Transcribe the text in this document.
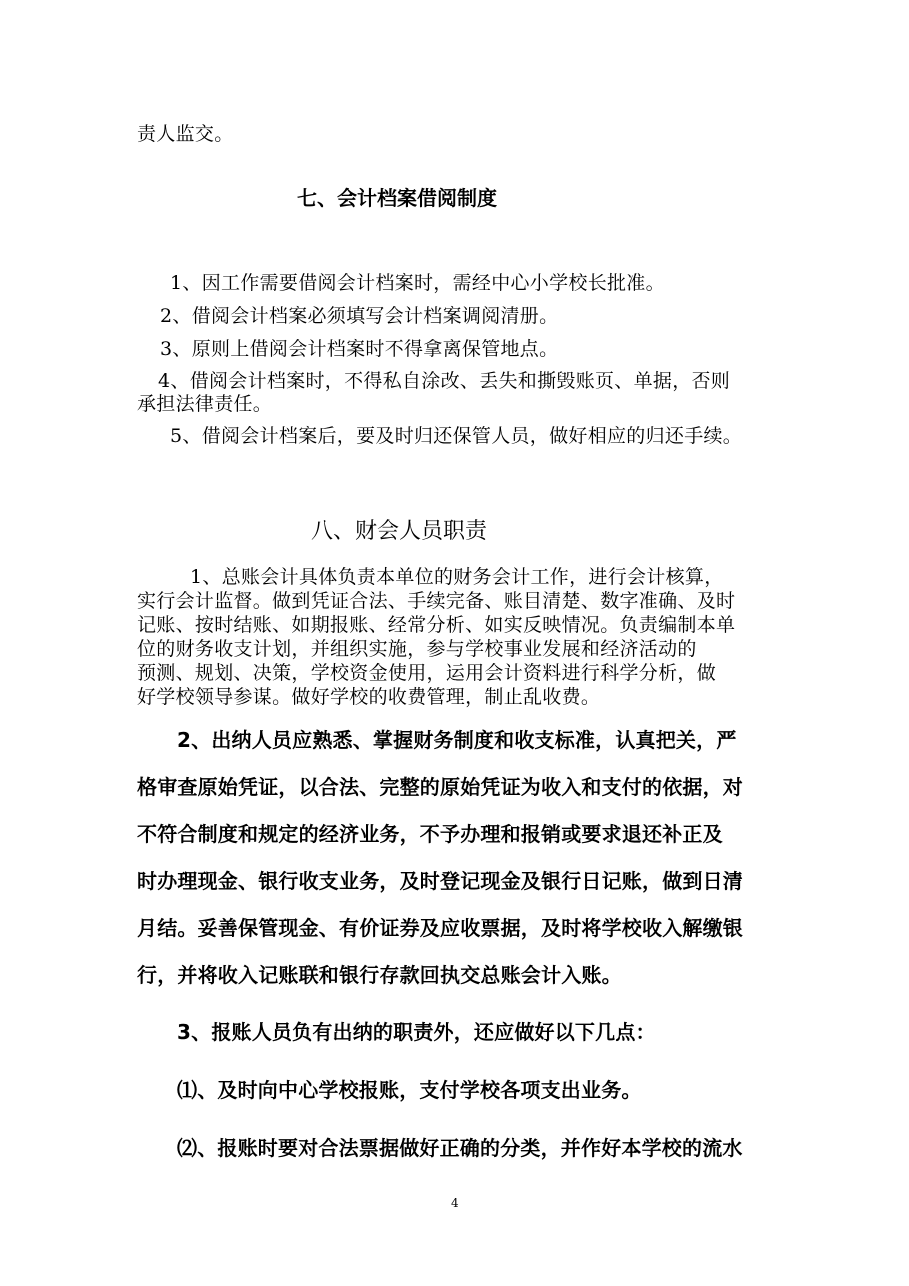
责人监交。
七、会计档案借阅制度
1、因工作需要借阅会计档案时，需经中心小学校长批准。
2、借阅会计档案必须填写会计档案调阅清册。
3、原则上借阅会计档案时不得拿离保管地点。
4、借阅会计档案时，不得私自涂改、丢失和撕毁账页、单据，否则
承担法律责任。
5、借阅会计档案后，要及时归还保管人员，做好相应的归还手续。
八、财会人员职责
1、总账会计具体负责本单位的财务会计工作，进行会计核算，
实行会计监督。做到凭证合法、手续完备、账目清楚、数字准确、及时
记账、按时结账、如期报账、经常分析、如实反映情况。负责编制本单
位的财务收支计划，并组织实施，参与学校事业发展和经济活动的
预测、规划、决策，学校资金使用，运用会计资料进行科学分析，做
好学校领导参谋。做好学校的收费管理，制止乱收费。
2、出纳人员应熟悉、掌握财务制度和收支标准，认真把关，严
格审查原始凭证，以合法、完整的原始凭证为收入和支付的依据，对
不符合制度和规定的经济业务，不予办理和报销或要求退还补正及
时办理现金、银行收支业务，及时登记现金及银行日记账，做到日清
月结。妥善保管现金、有价证券及应收票据，及时将学校收入解缴银
行，并将收入记账联和银行存款回执交总账会计入账。
3、报账人员负有出纳的职责外，还应做好以下几点：
⑴、及时向中心学校报账，支付学校各项支出业务。
⑵、报账时要对合法票据做好正确的分类，并作好本学校的流水
4
